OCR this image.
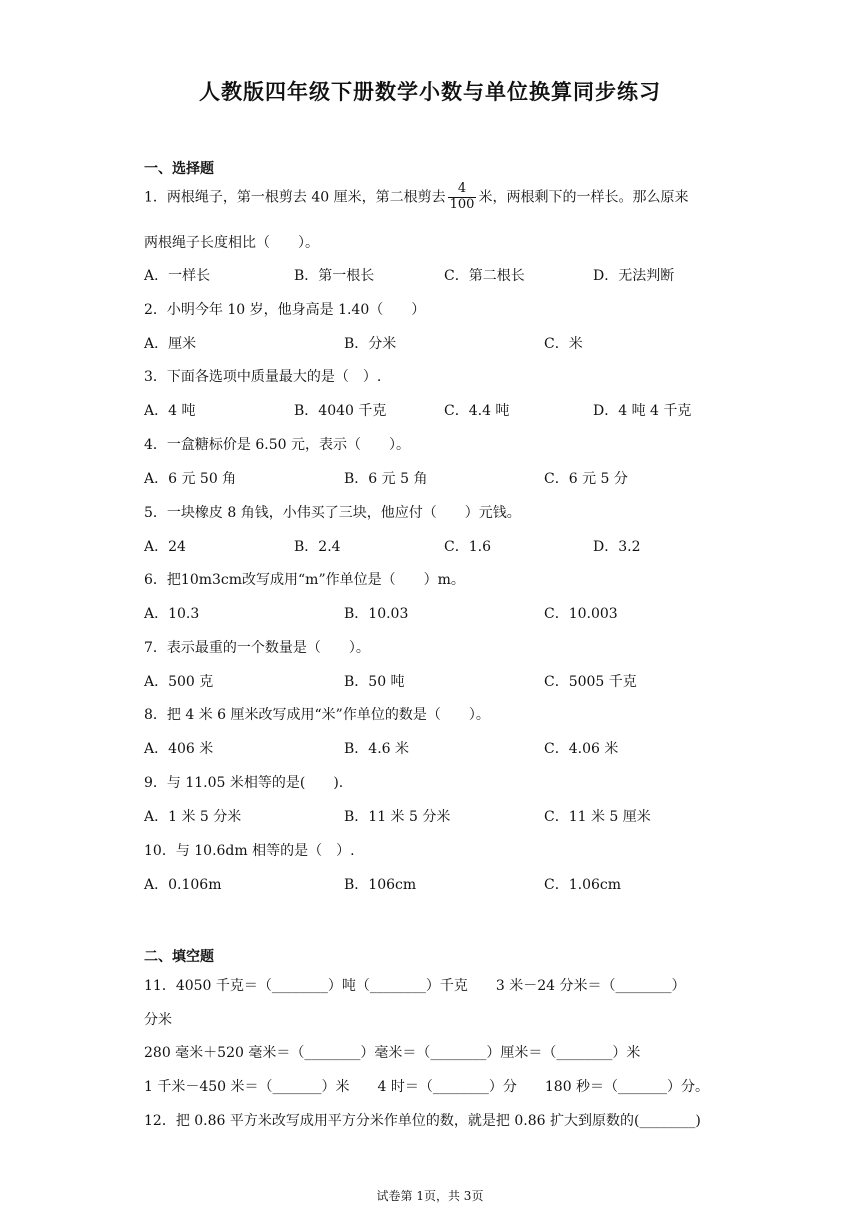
人教版四年级下册数学小数与单位换算同步练习
一、选择题
1．两根绳子，第一根剪去 40 厘米，第二根剪去 $\frac{4}{100}$ 米，两根剩下的一样长。那么原来
两根绳子长度相比（　　）。
A．一样长	B．第一根长	C．第二根长	D．无法判断
2．小明今年 10 岁，他身高是 1.40（　　）
A．厘米	B．分米	C．米
3．下面各选项中质量最大的是（　）.
A．4 吨	B．4040 千克	C．4.4 吨	D．4 吨 4 千克
4．一盒糖标价是 6.50 元，表示（　　）。
A．6 元 50 角	B．6 元 5 角	C．6 元 5 分
5．一块橡皮 8 角钱，小伟买了三块，他应付（　　）元钱。
A．24	B．2.4	C．1.6	D．3.2
6．把10m3cm改写成用“m”作单位是（　　）m。
A．10.3	B．10.03	C．10.003
7．表示最重的一个数量是（　　）。
A．500 克	B．50 吨	C．5005 千克
8．把 4 米 6 厘米改写成用“米”作单位的数是（　　）。
A．406 米	B．4.6 米	C．4.06 米
9．与 11.05 米相等的是(　　).
A．1 米 5 分米	B．11 米 5 分米	C．11 米 5 厘米
10．与 10.6dm 相等的是（　）.
A．0.106m	B．106cm	C．1.06cm
二、填空题
11．4050 千克＝（________）吨（________）千克　　3 米－24 分米＝（________）
分米
280 毫米＋520 毫米＝（________）毫米＝（________）厘米＝（________）米
1 千米－450 米＝（_______）米　　4 时＝（________）分　　180 秒＝（_______）分。
12．把 0.86 平方米改写成用平方分米作单位的数，就是把 0.86 扩大到原数的(________)
试卷第 1页，共 3页
